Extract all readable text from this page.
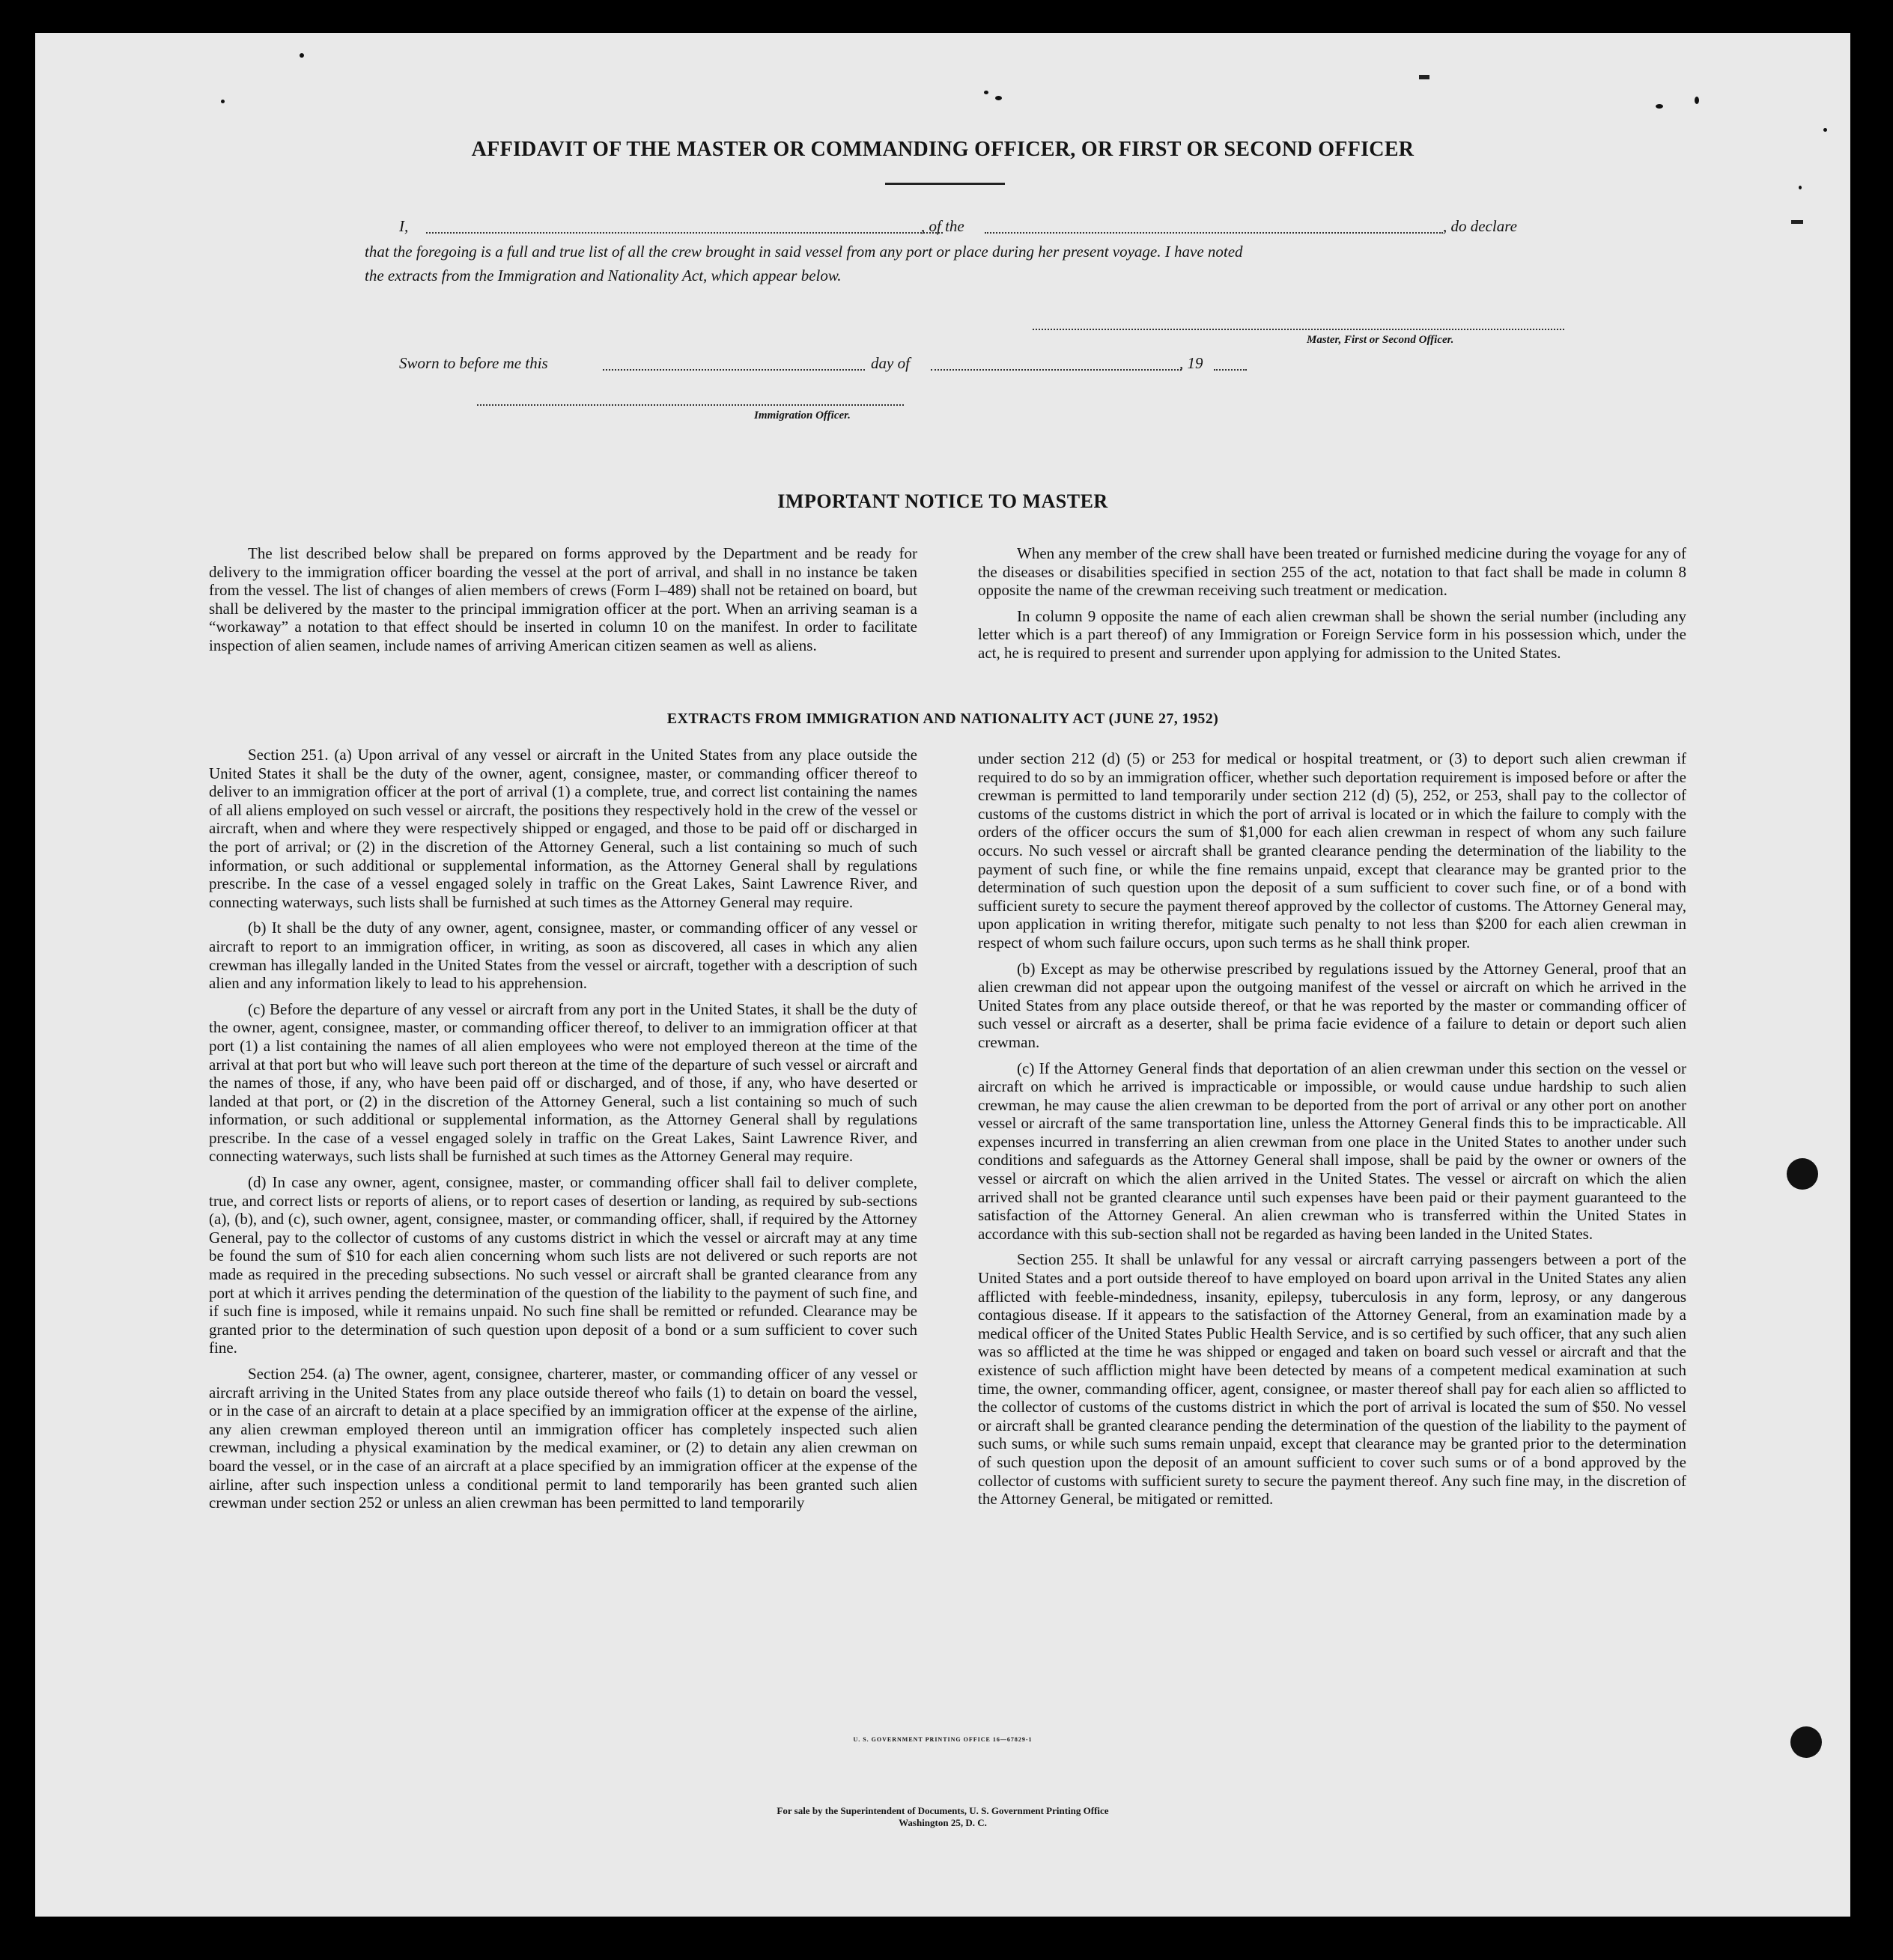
AFFIDAVIT OF THE MASTER OR COMMANDING OFFICER, OR FIRST OR SECOND OFFICER
I,	, of the	, do declare
that the foregoing is a full and true list of all the crew brought in said vessel from any port or place during her present voyage. I have noted
the extracts from the Immigration and Nationality Act, which appear below.
Master, First or Second Officer.
Sworn to before me this	day of	, 19
Immigration Officer.
IMPORTANT NOTICE TO MASTER

The list described below shall be prepared on forms approved by the Department and be ready for delivery to the immigration officer boarding the vessel at the port of arrival, and shall in no instance be taken from the vessel. The list of changes of alien members of crews (Form I–489) shall not be retained on board, but shall be delivered by the master to the principal immigration officer at the port. When an arriving seaman is a “workaway” a notation to that effect should be inserted in column 10 on the manifest. In order to facilitate inspection of alien seamen, include names of arriving American citizen seamen as well as aliens.

When any member of the crew shall have been treated or furnished medicine during the voyage for any of the diseases or disabilities specified in section 255 of the act, notation to that fact shall be made in column 8 opposite the name of the crewman receiving such treatment or medication.

In column 9 opposite the name of each alien crewman shall be shown the serial number (including any letter which is a part thereof) of any Immigration or Foreign Service form in his possession which, under the act, he is required to present and surrender upon applying for admission to the United States.

EXTRACTS FROM IMMIGRATION AND NATIONALITY ACT (JUNE 27, 1952)

Section 251. (a) Upon arrival of any vessel or aircraft in the United States from any place outside the United States it shall be the duty of the owner, agent, consignee, master, or commanding officer thereof to deliver to an immigration officer at the port of arrival (1) a complete, true, and correct list containing the names of all aliens employed on such vessel or aircraft, the positions they respectively hold in the crew of the vessel or aircraft, when and where they were respectively shipped or engaged, and those to be paid off or discharged in the port of arrival; or (2) in the discretion of the Attorney General, such a list containing so much of such information, or such additional or supplemental information, as the Attorney General shall by regulations prescribe. In the case of a vessel engaged solely in traffic on the Great Lakes, Saint Lawrence River, and connecting waterways, such lists shall be furnished at such times as the Attorney General may require.

(b) It shall be the duty of any owner, agent, consignee, master, or commanding officer of any vessel or aircraft to report to an immigration officer, in writing, as soon as discovered, all cases in which any alien crewman has illegally landed in the United States from the vessel or aircraft, together with a description of such alien and any information likely to lead to his apprehension.

(c) Before the departure of any vessel or aircraft from any port in the United States, it shall be the duty of the owner, agent, consignee, master, or commanding officer thereof, to deliver to an immigration officer at that port (1) a list containing the names of all alien employees who were not employed thereon at the time of the arrival at that port but who will leave such port thereon at the time of the departure of such vessel or aircraft and the names of those, if any, who have been paid off or discharged, and of those, if any, who have deserted or landed at that port, or (2) in the discretion of the Attorney General, such a list containing so much of such information, or such additional or supplemental information, as the Attorney General shall by regulations prescribe. In the case of a vessel engaged solely in traffic on the Great Lakes, Saint Lawrence River, and connecting waterways, such lists shall be furnished at such times as the Attorney General may require.

(d) In case any owner, agent, consignee, master, or commanding officer shall fail to deliver complete, true, and correct lists or reports of aliens, or to report cases of desertion or landing, as required by sub-sections (a), (b), and (c), such owner, agent, consignee, master, or commanding officer, shall, if required by the Attorney General, pay to the collector of customs of any customs district in which the vessel or aircraft may at any time be found the sum of $10 for each alien concerning whom such lists are not delivered or such reports are not made as required in the preceding subsections. No such vessel or aircraft shall be granted clearance from any port at which it arrives pending the determination of the question of the liability to the payment of such fine, and if such fine is imposed, while it remains unpaid. No such fine shall be remitted or refunded. Clearance may be granted prior to the determination of such question upon deposit of a bond or a sum sufficient to cover such fine.

Section 254. (a) The owner, agent, consignee, charterer, master, or commanding officer of any vessel or aircraft arriving in the United States from any place outside thereof who fails (1) to detain on board the vessel, or in the case of an aircraft to detain at a place specified by an immigration officer at the expense of the airline, any alien crewman employed thereon until an immigration officer has completely inspected such alien crewman, including a physical examination by the medical examiner, or (2) to detain any alien crewman on board the vessel, or in the case of an aircraft at a place specified by an immigration officer at the expense of the airline, after such inspection unless a conditional permit to land temporarily has been granted such alien crewman under section 252 or unless an alien crewman has been permitted to land temporarily

under section 212 (d) (5) or 253 for medical or hospital treatment, or (3) to deport such alien crewman if required to do so by an immigration officer, whether such deportation requirement is imposed before or after the crewman is permitted to land temporarily under section 212 (d) (5), 252, or 253, shall pay to the collector of customs of the customs district in which the port of arrival is located or in which the failure to comply with the orders of the officer occurs the sum of $1,000 for each alien crewman in respect of whom any such failure occurs. No such vessel or aircraft shall be granted clearance pending the determination of the liability to the payment of such fine, or while the fine remains unpaid, except that clearance may be granted prior to the determination of such question upon the deposit of a sum sufficient to cover such fine, or of a bond with sufficient surety to secure the payment thereof approved by the collector of customs. The Attorney General may, upon application in writing therefor, mitigate such penalty to not less than $200 for each alien crewman in respect of whom such failure occurs, upon such terms as he shall think proper.

(b) Except as may be otherwise prescribed by regulations issued by the Attorney General, proof that an alien crewman did not appear upon the outgoing manifest of the vessel or aircraft on which he arrived in the United States from any place outside thereof, or that he was reported by the master or commanding officer of such vessel or aircraft as a deserter, shall be prima facie evidence of a failure to detain or deport such alien crewman.

(c) If the Attorney General finds that deportation of an alien crewman under this section on the vessel or aircraft on which he arrived is impracticable or impossible, or would cause undue hardship to such alien crewman, he may cause the alien crewman to be deported from the port of arrival or any other port on another vessel or aircraft of the same transportation line, unless the Attorney General finds this to be impracticable. All expenses incurred in transferring an alien crewman from one place in the United States to another under such conditions and safeguards as the Attorney General shall impose, shall be paid by the owner or owners of the vessel or aircraft on which the alien arrived in the United States. The vessel or aircraft on which the alien arrived shall not be granted clearance until such expenses have been paid or their payment guaranteed to the satisfaction of the Attorney General. An alien crewman who is transferred within the United States in accordance with this sub-section shall not be regarded as having been landed in the United States.

Section 255. It shall be unlawful for any vessal or aircraft carrying passengers between a port of the United States and a port outside thereof to have employed on board upon arrival in the United States any alien afflicted with feeble-mindedness, insanity, epilepsy, tuberculosis in any form, leprosy, or any dangerous contagious disease. If it appears to the satisfaction of the Attorney General, from an examination made by a medical officer of the United States Public Health Service, and is so certified by such officer, that any such alien was so afflicted at the time he was shipped or engaged and taken on board such vessel or aircraft and that the existence of such affliction might have been detected by means of a competent medical examination at such time, the owner, commanding officer, agent, consignee, or master thereof shall pay for each alien so afflicted to the collector of customs of the customs district in which the port of arrival is located the sum of $50. No vessel or aircraft shall be granted clearance pending the determination of the question of the liability to the payment of such sums, or while such sums remain unpaid, except that clearance may be granted prior to the determination of such question upon the deposit of an amount sufficient to cover such sums or of a bond approved by the collector of customs with sufficient surety to secure the payment thereof. Any such fine may, in the discretion of the Attorney General, be mitigated or remitted.

U. S. GOVERNMENT PRINTING OFFICE 16—67829-1
For sale by the Superintendent of Documents, U. S. Government Printing Office
Washington 25, D. C.
